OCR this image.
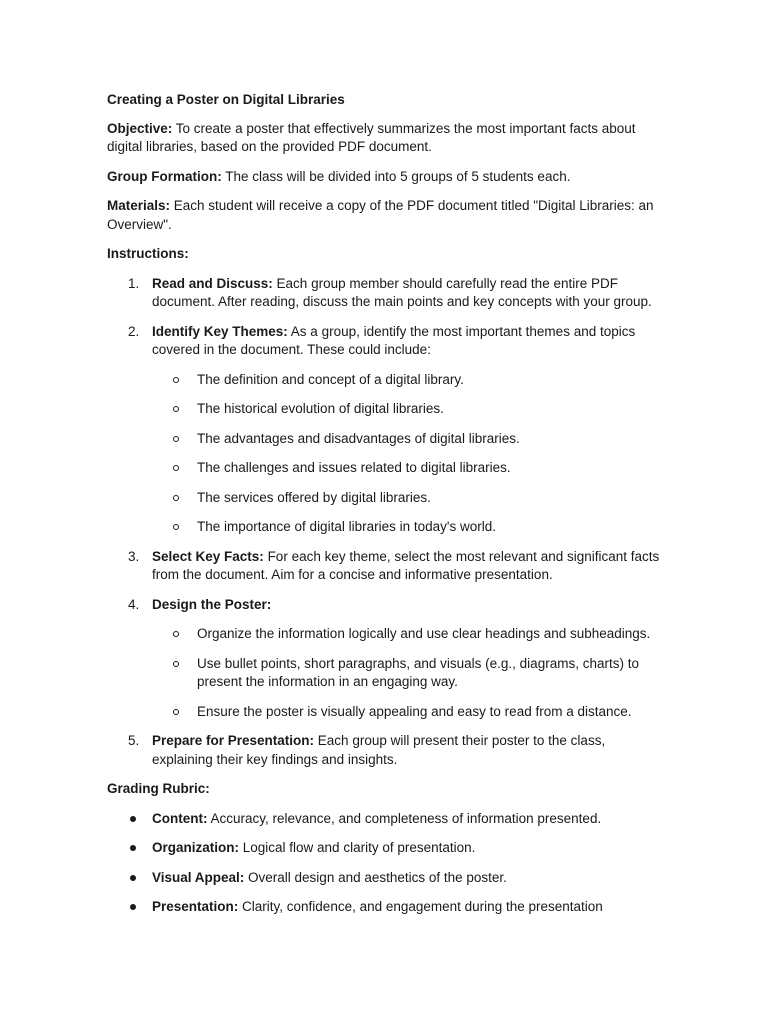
Creating a Poster on Digital Libraries

Objective: To create a poster that effectively summarizes the most important facts about digital libraries, based on the provided PDF document.

Group Formation: The class will be divided into 5 groups of 5 students each.

Materials: Each student will receive a copy of the PDF document titled "Digital Libraries: an Overview".

Instructions:

1. Read and Discuss: Each group member should carefully read the entire PDF document. After reading, discuss the main points and key concepts with your group.
2. Identify Key Themes: As a group, identify the most important themes and topics covered in the document. These could include:
The definition and concept of a digital library.
The historical evolution of digital libraries.
The advantages and disadvantages of digital libraries.
The challenges and issues related to digital libraries.
The services offered by digital libraries.
The importance of digital libraries in today's world.
3. Select Key Facts: For each key theme, select the most relevant and significant facts from the document. Aim for a concise and informative presentation.
4. Design the Poster:
Organize the information logically and use clear headings and subheadings.
Use bullet points, short paragraphs, and visuals (e.g., diagrams, charts) to present the information in an engaging way.
Ensure the poster is visually appealing and easy to read from a distance.
5. Prepare for Presentation: Each group will present their poster to the class, explaining their key findings and insights.

Grading Rubric:

Content: Accuracy, relevance, and completeness of information presented.
Organization: Logical flow and clarity of presentation.
Visual Appeal: Overall design and aesthetics of the poster.
Presentation: Clarity, confidence, and engagement during the presentation
